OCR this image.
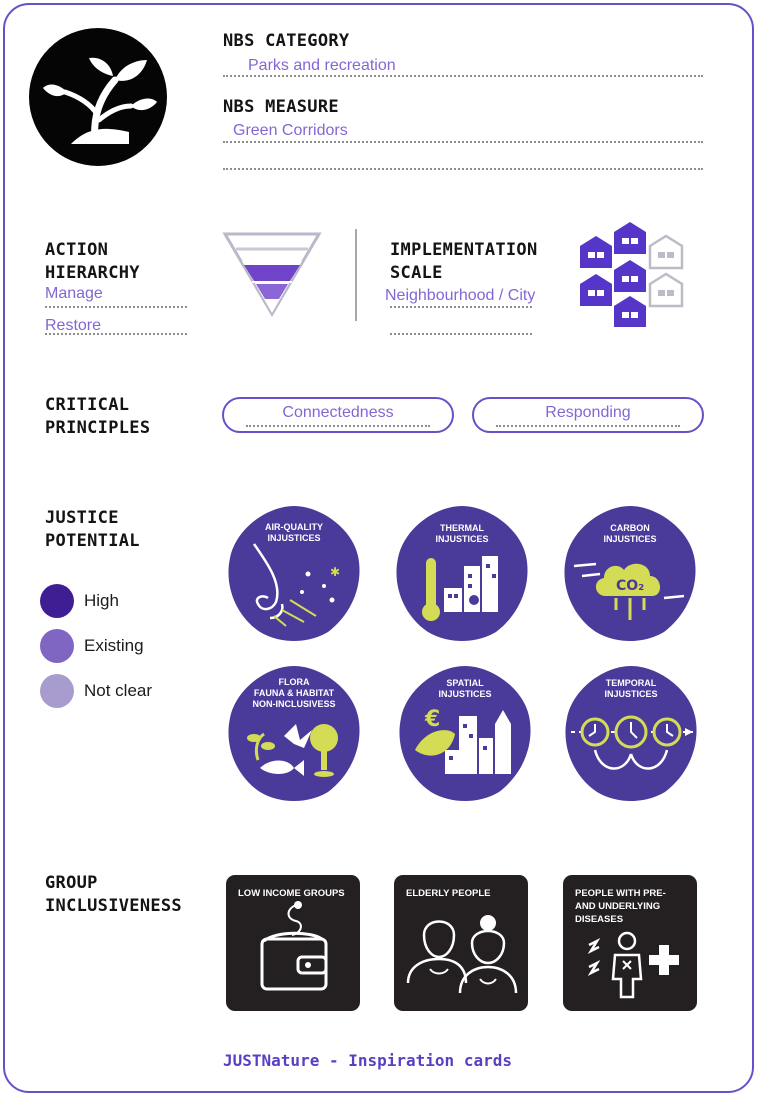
NBS CATEGORY
Parks and recreation
NBS MEASURE
Green Corridors
ACTION
HIERARCHY
Manage
Restore
IMPLEMENTATION
SCALE
Neighbourhood / City
CRITICAL
PRINCIPLES
Connectedness	Responding
JUSTICE
POTENTIAL
High
Existing
Not clear
AIR-QUALITY
INJUSTICES
✱
THERMAL
INJUSTICES
CARBON
INJUSTICES
CO₂
FLORA
FAUNA & HABITAT
NON-INCLUSIVESS
SPATIAL
INJUSTICES
€
TEMPORAL
INJUSTICES
GROUP
INCLUSIVENESS
LOW INCOME GROUPS	ELDERLY PEOPLE	PEOPLE WITH PRE-
AND UNDERLYING
DISEASES
JUSTNature - Inspiration cards
